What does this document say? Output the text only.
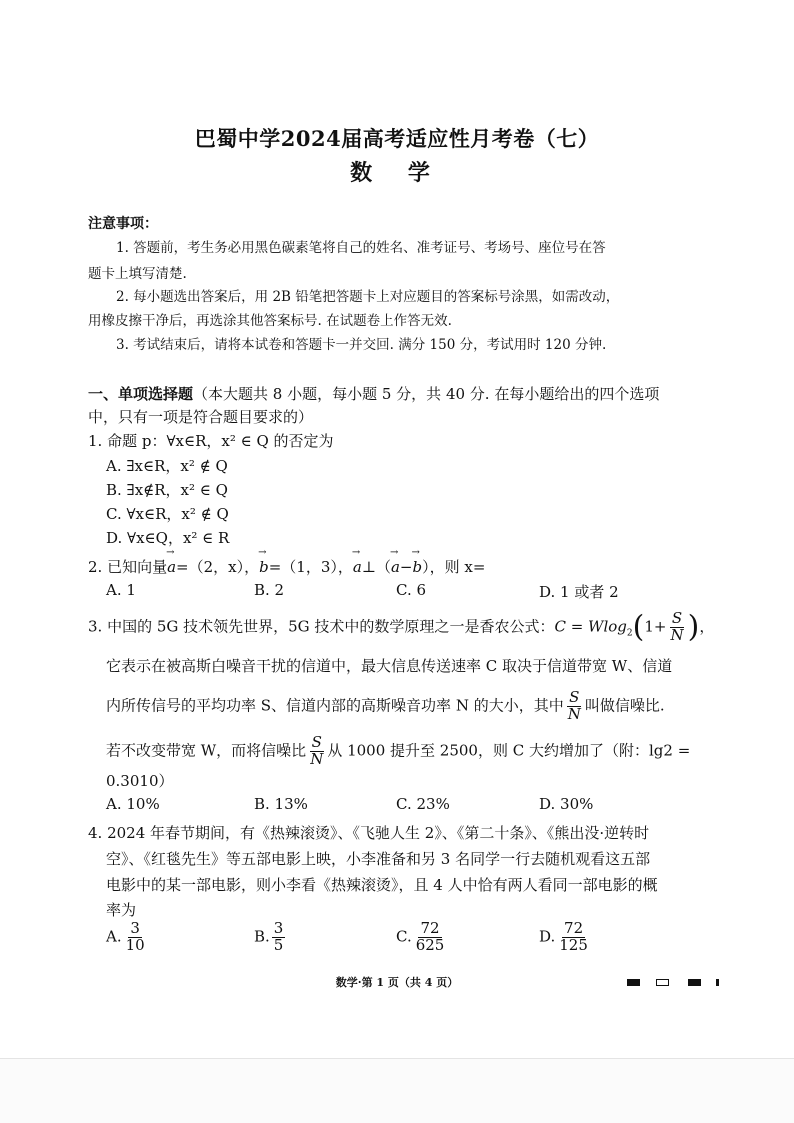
巴蜀中学2024届高考适应性月考卷（七）
数 学
注意事项：
1. 答题前，考生务必用黑色碳素笔将自己的姓名、准考证号、考场号、座位号在答
题卡上填写清楚.
2. 每小题选出答案后，用 2B 铅笔把答题卡上对应题目的答案标号涂黑，如需改动，
用橡皮擦干净后，再选涂其他答案标号. 在试题卷上作答无效.
3. 考试结束后，请将本试卷和答题卡一并交回. 满分 150 分，考试用时 120 分钟.
一、单项选择题（本大题共 8 小题，每小题 5 分，共 40 分. 在每小题给出的四个选项
中，只有一项是符合题目要求的）
1. 命题 p：∀x∈R，x² ∈ Q 的否定为
A. ∃x∈R，x² ∉ Q
B. ∃x∉R，x² ∈ Q
C. ∀x∈R，x² ∉ Q
D. ∀x∈Q，x² ∈ R
2. 已知向量→ a=（2，x），→ b=（1，3），→ a⊥（→ a−→ b），则 x=
A. 1	B. 2	C. 6	D. 1 或者 2
3. 中国的 5G 技术领先世界，5G 技术中的数学原理之一是香农公式：$C = Wlog_2(1+ \frac{S}{N}$ )，
它表示在被高斯白噪音干扰的信道中，最大信息传送速率 C 取决于信道带宽 W、信道
内所传信号的平均功率 S、信道内部的高斯噪音功率 N 的大小，其中 $\frac{S}{N}$ 叫做信噪比.
若不改变带宽 W，而将信噪比 $\frac{S}{N}$ 从 1000 提升至 2500，则 C 大约增加了（附：lg2 =
0.3010）
A. 10%	B. 13%	C. 23%	D. 30%
4. 2024 年春节期间，有《热辣滚烫》、《飞驰人生 2》、《第二十条》、《熊出没·逆转时
空》、《红毯先生》等五部电影上映，小李准备和另 3 名同学一行去随机观看这五部
电影中的某一部电影，则小李看《热辣滚烫》，且 4 人中恰有两人看同一部电影的概
率为
A. $\frac{3}{10}$	B. $\frac{3}{5}$	C. $\frac{72}{625}$	D. $\frac{72}{125}$
数学·第 1 页（共 4 页）
